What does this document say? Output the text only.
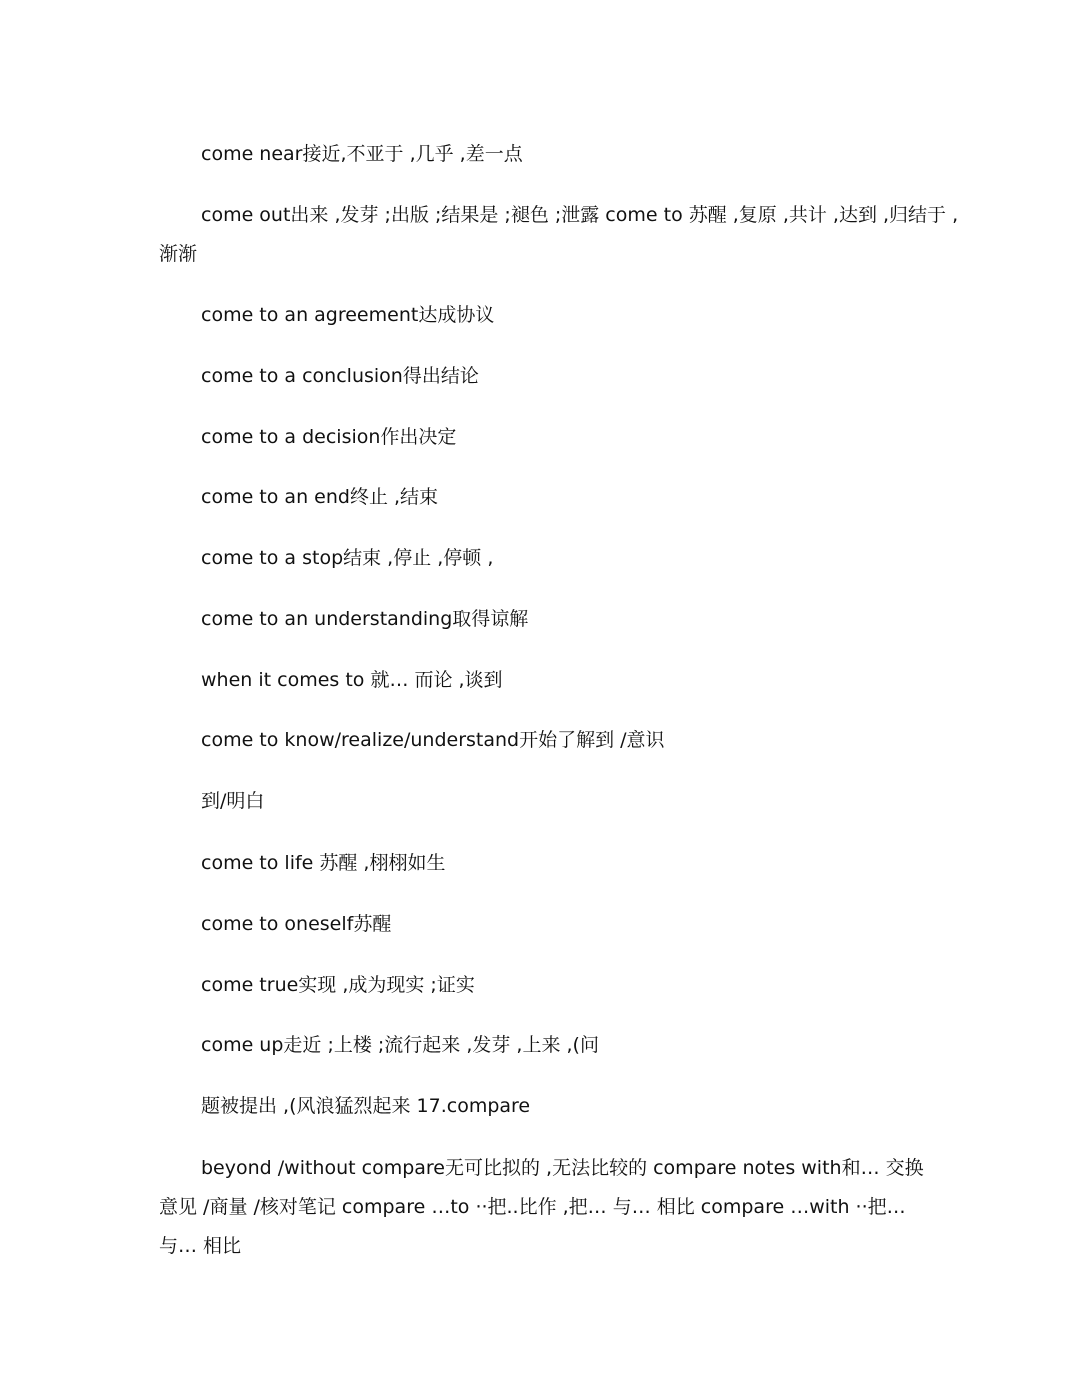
come near接近,不亚于 ,几乎 ,差一点
come out出来 ,发芽 ;出版 ;结果是 ;褪色 ;泄露 come to 苏醒 ,复原 ,共计 ,达到 ,归结于 ,
渐渐
come to an agreement达成协议
come to a conclusion得出结论
come to a decision作出决定
come to an end终止 ,结束
come to a stop结束 ,停止 ,停顿 ,
come to an understanding取得谅解
when it comes to 就… 而论 ,谈到
come to know/realize/understand开始了解到 /意识
到/明白
come to life 苏醒 ,栩栩如生
come to oneself苏醒
come true实现 ,成为现实 ;证实
come up走近 ;上楼 ;流行起来 ,发芽 ,上来 ,(问
题被提出 ,(风浪猛烈起来 17.compare
beyond /without compare无可比拟的 ,无法比较的 compare notes with和… 交换
意见 /商量 /核对笔记 compare …to ··把..比作 ,把… 与… 相比 compare …with ··把…
与… 相比
